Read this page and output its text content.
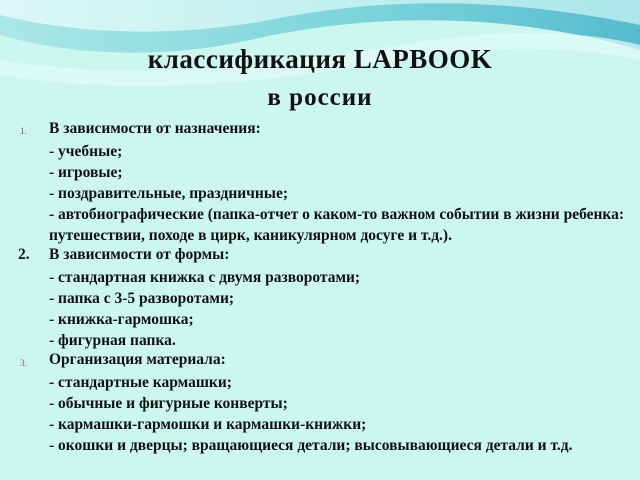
классификация LAPBOOK
в россии
1. В зависимости от назначения:
- учебные;
- игровые;
- поздравительные, праздничные;
- автобиографические (папка-отчет о каком-то важном событии в жизни ребенка: путешествии, походе в цирк, каникулярном досуге и т.д.).
2. В зависимости от формы:
- стандартная книжка с двумя разворотами;
- папка с 3-5 разворотами;
- книжка-гармошка;
- фигурная папка.
3. Организация материала:
- стандартные кармашки;
- обычные и фигурные конверты;
- кармашки-гармошки и кармашки-книжки;
- окошки и дверцы; вращающиеся детали; высовывающиеся детали и т.д.
